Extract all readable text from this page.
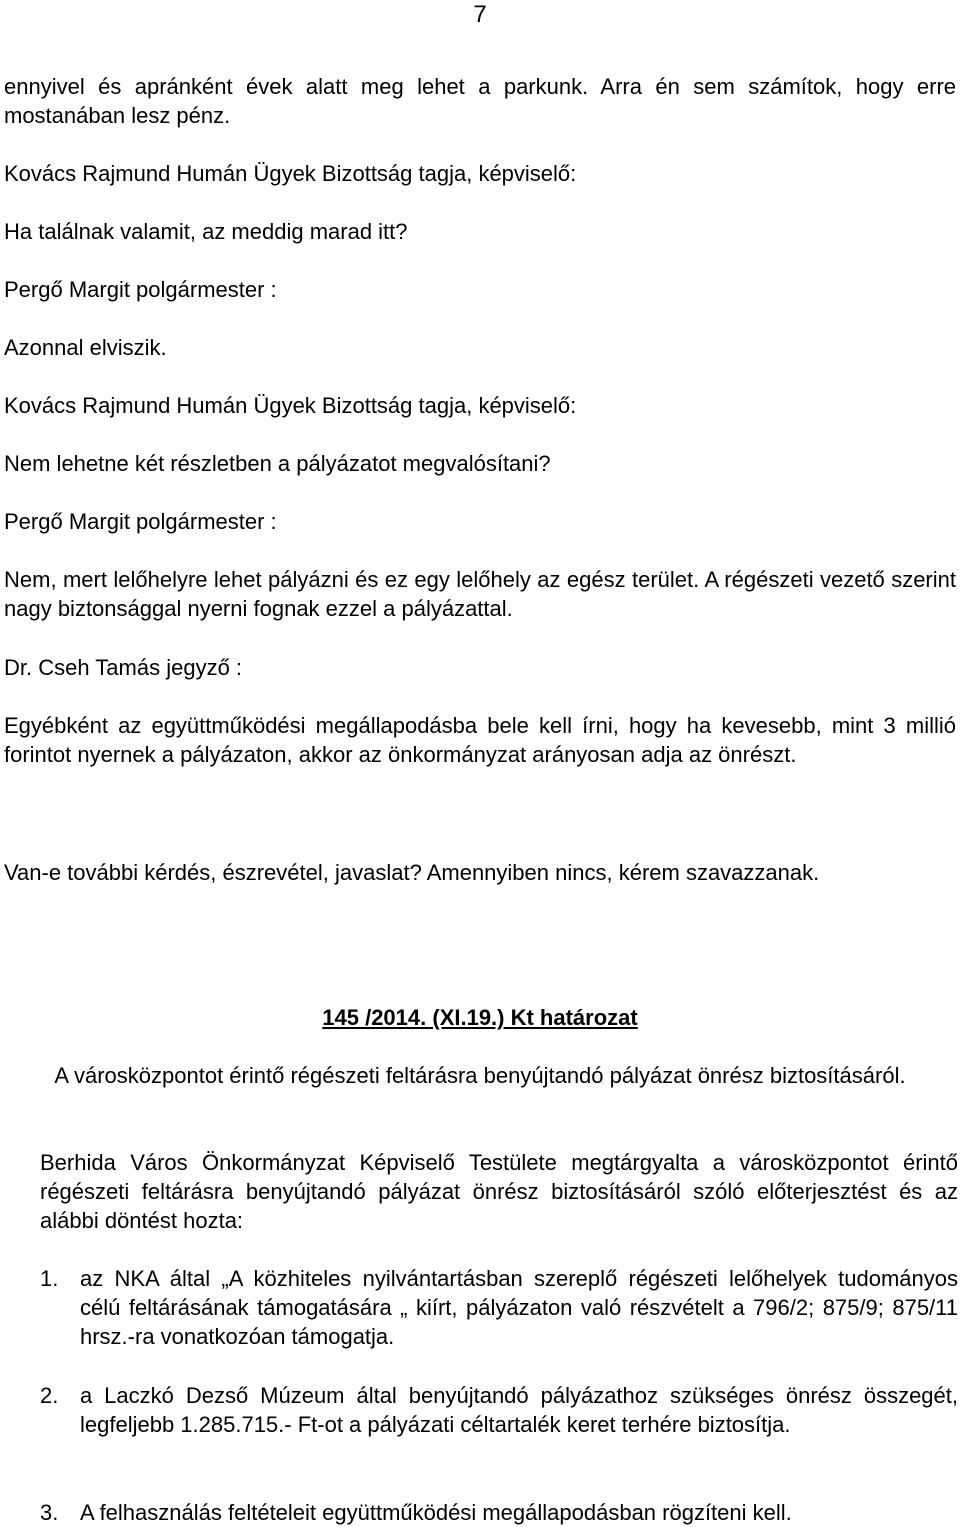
7

ennyivel és apránként évek alatt meg lehet a parkunk. Arra én sem számítok, hogy erre mostanában lesz pénz.

Kovács Rajmund Humán Ügyek Bizottság tagja, képviselő:

Ha találnak valamit, az meddig marad itt?

Pergő Margit polgármester :

Azonnal elviszik.

Kovács Rajmund Humán Ügyek Bizottság tagja, képviselő:

Nem lehetne két részletben a pályázatot megvalósítani?

Pergő Margit polgármester :

Nem, mert lelőhelyre lehet pályázni és ez egy lelőhely az egész terület. A régészeti vezető szerint nagy biztonsággal nyerni fognak ezzel a pályázattal.

Dr. Cseh Tamás jegyző :

Egyébként az együttműködési megállapodásba bele kell írni, hogy ha kevesebb, mint 3 millió forintot nyernek a pályázaton, akkor az önkormányzat arányosan adja az önrészt.

Van-e további kérdés, észrevétel, javaslat? Amennyiben nincs, kérem szavazzanak.

145 /2014. (XI.19.) Kt határozat

A városközpontot érintő régészeti feltárásra benyújtandó pályázat önrész biztosításáról.

Berhida Város Önkormányzat Képviselő Testülete megtárgyalta a városközpontot érintő régészeti feltárásra benyújtandó pályázat önrész biztosításáról szóló előterjesztést és az alábbi döntést hozta:

1. az NKA által „A közhiteles nyilvántartásban szereplő régészeti lelőhelyek tudományos célú feltárásának támogatására „ kiírt, pályázaton való részvételt a 796/2; 875/9; 875/11 hrsz.-ra vonatkozóan támogatja.
2. a Laczkó Dezső Múzeum által benyújtandó pályázathoz szükséges önrész összegét, legfeljebb 1.285.715.- Ft-ot a pályázati céltartalék keret terhére biztosítja.
3. A felhasználás feltételeit együttműködési megállapodásban rögzíteni kell.
